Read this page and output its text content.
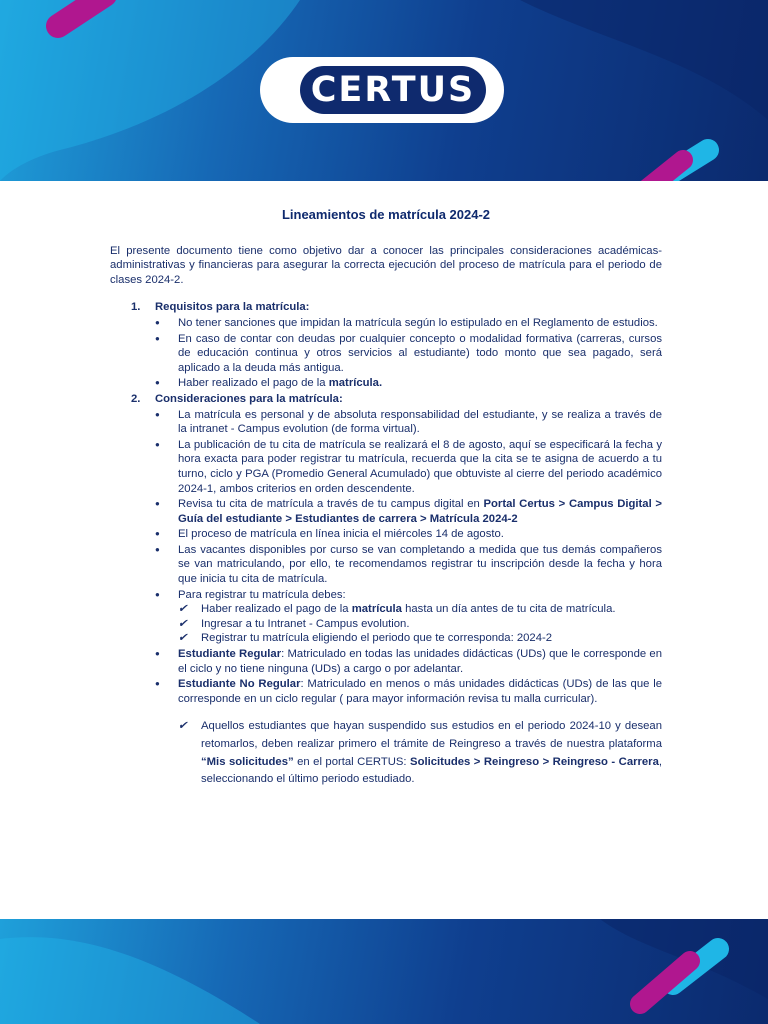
CERTUS
Lineamientos de matrícula 2024-2

El presente documento tiene como objetivo dar a conocer las principales consideraciones académicas-administrativas y financieras para asegurar la correcta ejecución del proceso de matrícula para el periodo de clases 2024-2.

1. Requisitos para la matrícula:
● No tener sanciones que impidan la matrícula según lo estipulado en el Reglamento de estudios.
● En caso de contar con deudas por cualquier concepto o modalidad formativa (carreras, cursos de educación continua y otros servicios al estudiante) todo monto que sea pagado, será aplicado a la deuda más antigua.
● Haber realizado el pago de la matrícula.
2. Consideraciones para la matrícula:
● La matrícula es personal y de absoluta responsabilidad del estudiante, y se realiza a través de la intranet - Campus evolution (de forma virtual).
● La publicación de tu cita de matrícula se realizará el 8 de agosto, aquí se especificará la fecha y hora exacta para poder registrar tu matrícula, recuerda que la cita se te asigna de acuerdo a tu turno, ciclo y PGA (Promedio General Acumulado) que obtuviste al cierre del periodo académico 2024-1, ambos criterios en orden descendente.
● Revisa tu cita de matrícula a través de tu campus digital en Portal Certus > Campus Digital > Guía del estudiante > Estudiantes de carrera > Matrícula 2024-2
● El proceso de matrícula en línea inicia el miércoles 14 de agosto.
● Las vacantes disponibles por curso se van completando a medida que tus demás compañeros se van matriculando, por ello, te recomendamos registrar tu inscripción desde la fecha y hora que inicia tu cita de matrícula.
● Para registrar tu matrícula debes:
✔ Haber realizado el pago de la matrícula hasta un día antes de tu cita de matrícula.
✔ Ingresar a tu Intranet - Campus evolution.
✔ Registrar tu matrícula eligiendo el periodo que te corresponda: 2024-2
● Estudiante Regular: Matriculado en todas las unidades didácticas (UDs) que le corresponde en el ciclo y no tiene ninguna (UDs) a cargo o por adelantar.
● Estudiante No Regular: Matriculado en menos o más unidades didácticas (UDs) de las que le corresponde en un ciclo regular ( para mayor información revisa tu malla curricular).
✔ Aquellos estudiantes que hayan suspendido sus estudios en el periodo 2024-10 y desean retomarlos, deben realizar primero el trámite de Reingreso a través de nuestra plataforma “Mis solicitudes” en el portal CERTUS: Solicitudes > Reingreso > Reingreso - Carrera, seleccionando el último periodo estudiado.
